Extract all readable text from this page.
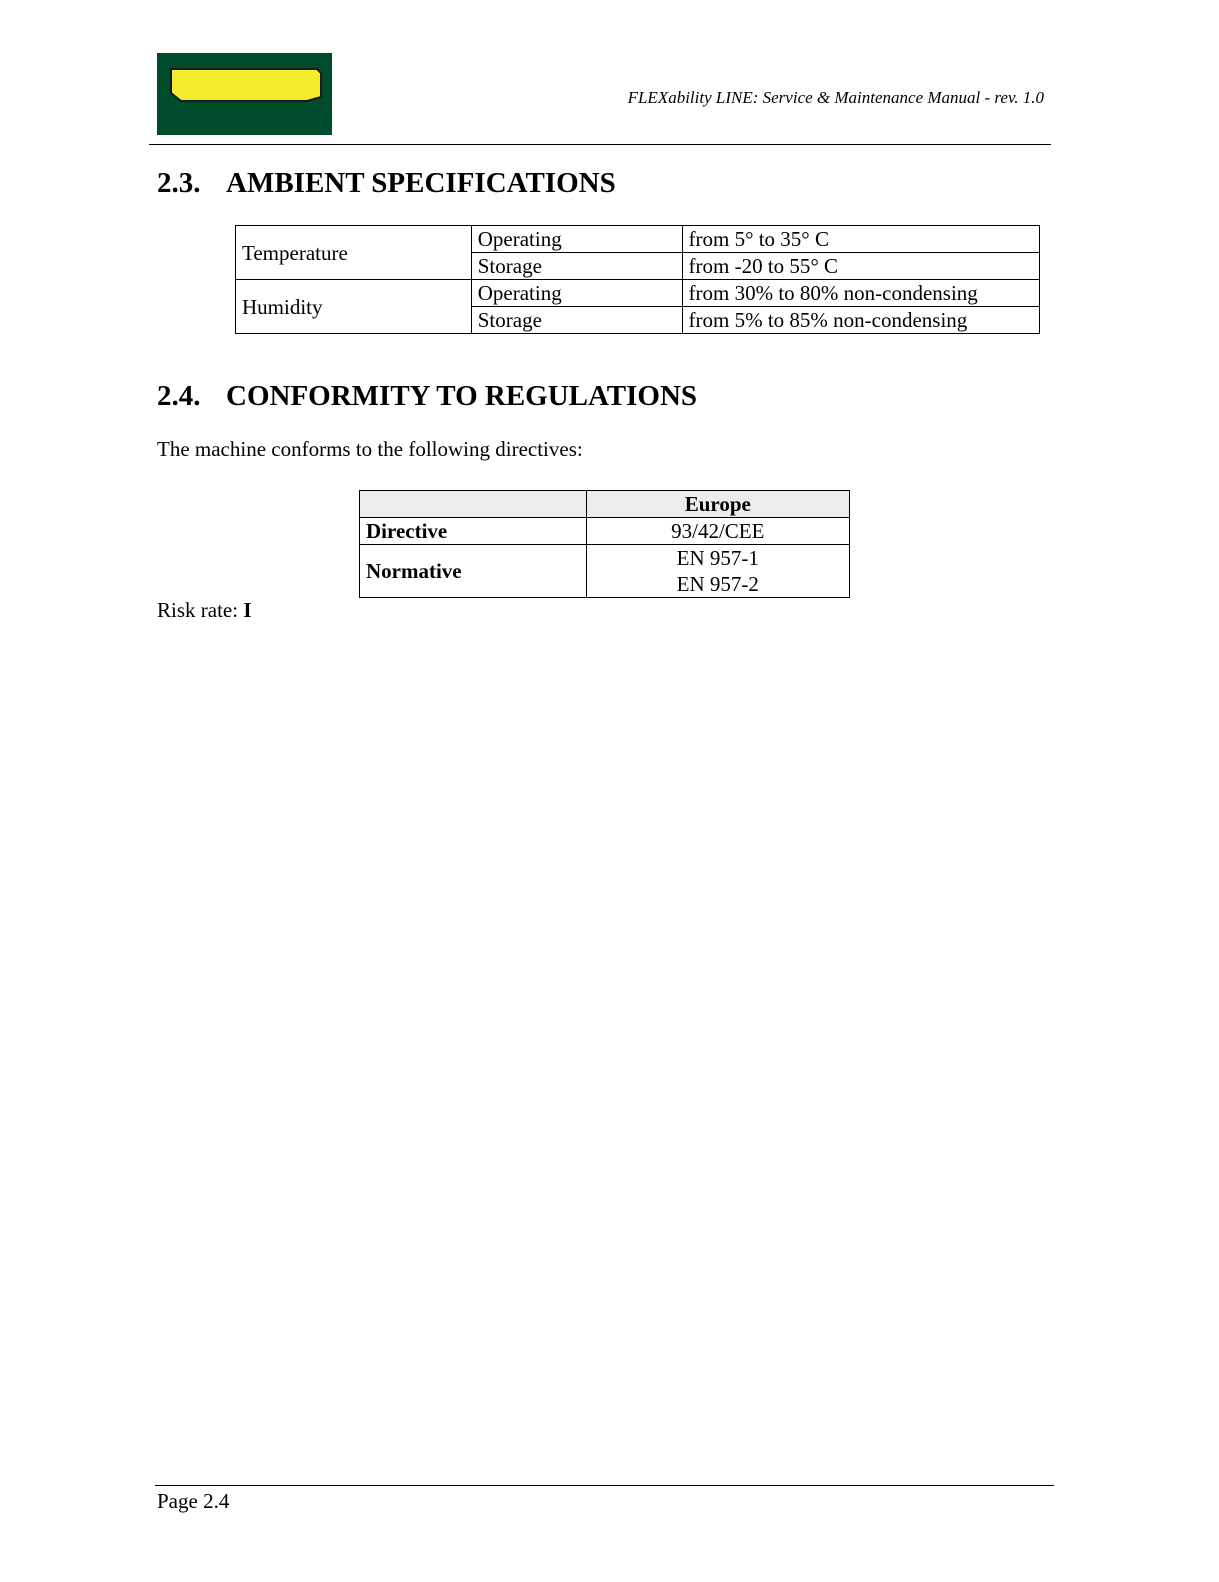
FLEXability LINE: Service & Maintenance Manual - rev. 1.0
2.3. AMBIENT SPECIFICATIONS
Temperature	Operating	from 5° to 35° C
	Storage	from -20 to 55° C
Humidity	Operating	from 30% to 80% non-condensing
	Storage	from 5% to 85% non-condensing
2.4. CONFORMITY TO REGULATIONS

The machine conforms to the following directives:

	Europe
Directive	93/42/CEE
Normative	EN 957-1
EN 957-2

Risk rate: I

Page 2.4
